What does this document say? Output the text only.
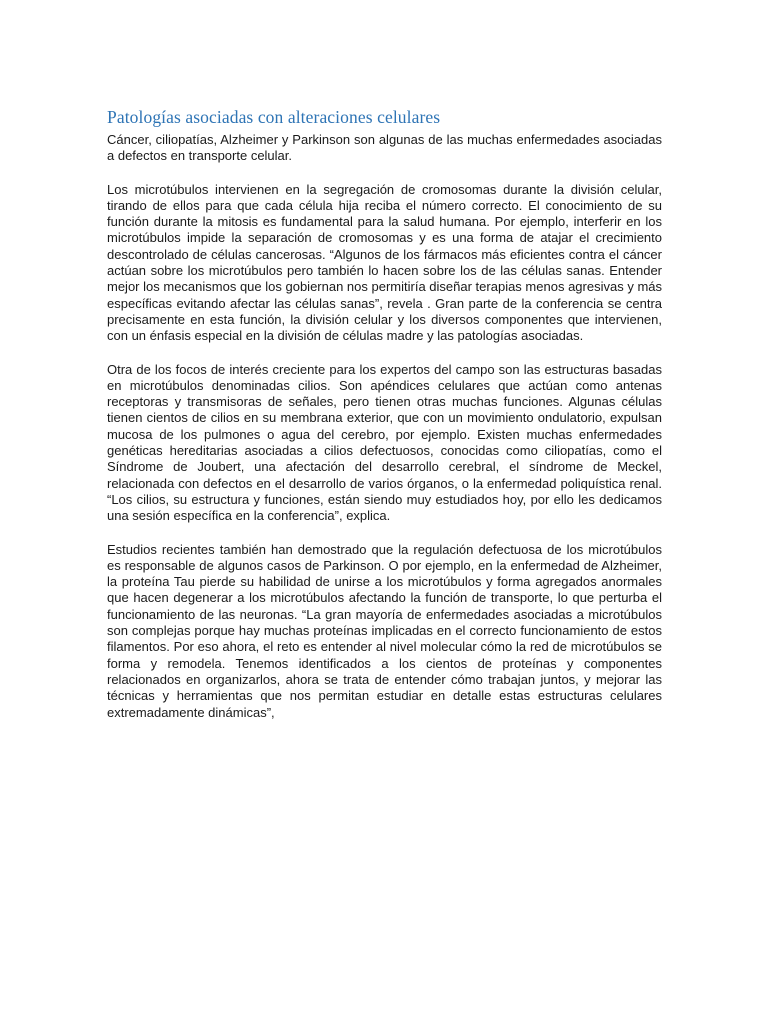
Patologías asociadas con alteraciones celulares

Cáncer, ciliopatías, Alzheimer y Parkinson son algunas de las muchas enfermedades asociadas a defectos en transporte celular.

Los microtúbulos intervienen en la segregación de cromosomas durante la división celular, tirando de ellos para que cada célula hija reciba el número correcto. El conocimiento de su función durante la mitosis es fundamental para la salud humana. Por ejemplo, interferir en los microtúbulos impide la separación de cromosomas y es una forma de atajar el crecimiento descontrolado de células cancerosas. “Algunos de los fármacos más eficientes contra el cáncer actúan sobre los microtúbulos pero también lo hacen sobre los de las células sanas. Entender mejor los mecanismos que los gobiernan nos permitiría diseñar terapias menos agresivas y más específicas evitando afectar las células sanas”, revela . Gran parte de la conferencia se centra precisamente en esta función, la división celular y los diversos componentes que intervienen, con un énfasis especial en la división de células madre y las patologías asociadas.

Otra de los focos de interés creciente para los expertos del campo son las estructuras basadas en microtúbulos denominadas cilios. Son apéndices celulares que actúan como antenas receptoras y transmisoras de señales, pero tienen otras muchas funciones. Algunas células tienen cientos de cilios en su membrana exterior, que con un movimiento ondulatorio, expulsan mucosa de los pulmones o agua del cerebro, por ejemplo. Existen muchas enfermedades genéticas hereditarias asociadas a cilios defectuosos, conocidas como ciliopatías, como el Síndrome de Joubert, una afectación del desarrollo cerebral, el síndrome de Meckel, relacionada con defectos en el desarrollo de varios órganos, o la enfermedad poliquística renal. “Los cilios, su estructura y funciones, están siendo muy estudiados hoy, por ello les dedicamos una sesión específica en la conferencia”, explica.

Estudios recientes también han demostrado que la regulación defectuosa de los microtúbulos es responsable de algunos casos de Parkinson. O por ejemplo, en la enfermedad de Alzheimer, la proteína Tau pierde su habilidad de unirse a los microtúbulos y forma agregados anormales que hacen degenerar a los microtúbulos afectando la función de transporte, lo que perturba el funcionamiento de las neuronas. “La gran mayoría de enfermedades asociadas a microtúbulos son complejas porque hay muchas proteínas implicadas en el correcto funcionamiento de estos filamentos. Por eso ahora, el reto es entender al nivel molecular cómo la red de microtúbulos se forma y remodela. Tenemos identificados a los cientos de proteínas y componentes relacionados en organizarlos, ahora se trata de entender cómo trabajan juntos, y mejorar las técnicas y herramientas que nos permitan estudiar en detalle estas estructuras celulares extremadamente dinámicas”,
